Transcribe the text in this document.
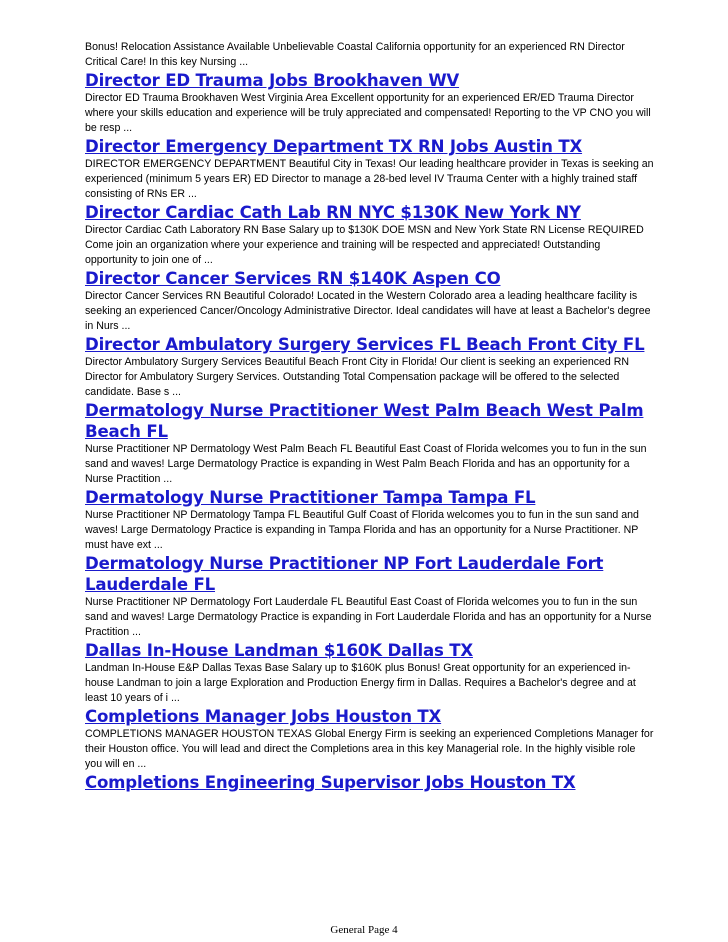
Bonus! Relocation Assistance Available Unbelievable Coastal California opportunity for an experienced RN Director Critical Care! In this key Nursing ...

Director ED Trauma Jobs Brookhaven WV

Director ED Trauma Brookhaven West Virginia Area Excellent opportunity for an experienced ER/ED Trauma Director where your skills education and experience will be truly appreciated and compensated! Reporting to the VP CNO you will be resp ...

Director Emergency Department TX RN Jobs Austin TX

DIRECTOR EMERGENCY DEPARTMENT Beautiful City in Texas! Our leading healthcare provider in Texas is seeking an experienced (minimum 5 years ER) ED Director to manage a 28-bed level IV Trauma Center with a highly trained staff consisting of RNs ER ...

Director Cardiac Cath Lab RN NYC $130K New York NY

Director Cardiac Cath Laboratory RN Base Salary up to $130K DOE MSN and New York State RN License REQUIRED Come join an organization where your experience and training will be respected and appreciated! Outstanding opportunity to join one of ...

Director Cancer Services RN $140K Aspen CO

Director Cancer Services RN Beautiful Colorado! Located in the Western Colorado area a leading healthcare facility is seeking an experienced Cancer/Oncology Administrative Director. Ideal candidates will have at least a Bachelor's degree in Nurs ...

Director Ambulatory Surgery Services FL Beach Front City FL

Director Ambulatory Surgery Services Beautiful Beach Front City in Florida! Our client is seeking an experienced RN Director for Ambulatory Surgery Services. Outstanding Total Compensation package will be offered to the selected candidate. Base s ...

Dermatology Nurse Practitioner West Palm Beach West Palm Beach FL

Nurse Practitioner NP Dermatology West Palm Beach FL Beautiful East Coast of Florida welcomes you to fun in the sun sand and waves! Large Dermatology Practice is expanding in West Palm Beach Florida and has an opportunity for a Nurse Practition ...

Dermatology Nurse Practitioner Tampa Tampa FL

Nurse Practitioner NP Dermatology Tampa FL Beautiful Gulf Coast of Florida welcomes you to fun in the sun sand and waves! Large Dermatology Practice is expanding in Tampa Florida and has an opportunity for a Nurse Practitioner. NP must have ext ...

Dermatology Nurse Practitioner NP Fort Lauderdale Fort Lauderdale FL

Nurse Practitioner NP Dermatology Fort Lauderdale FL Beautiful East Coast of Florida welcomes you to fun in the sun sand and waves! Large Dermatology Practice is expanding in Fort Lauderdale Florida and has an opportunity for a Nurse Practition ...

Dallas In-House Landman $160K Dallas TX

Landman In-House E&P Dallas Texas Base Salary up to $160K plus Bonus! Great opportunity for an experienced in-house Landman to join a large Exploration and Production Energy firm in Dallas. Requires a Bachelor's degree and at least 10 years of i ...

Completions Manager Jobs Houston TX

COMPLETIONS MANAGER HOUSTON TEXAS Global Energy Firm is seeking an experienced Completions Manager for their Houston office. You will lead and direct the Completions area in this key Managerial role. In the highly visible role you will en ...

Completions Engineering Supervisor Jobs Houston TX
General Page 4
